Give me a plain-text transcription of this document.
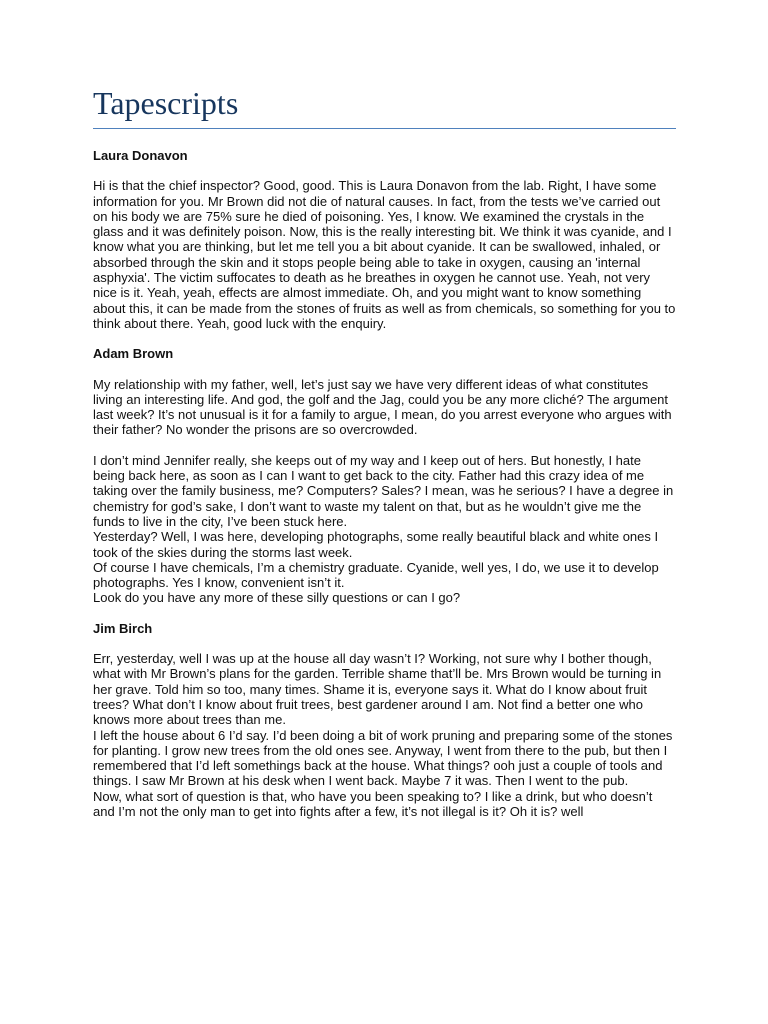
Tapescripts

Laura Donavon

Hi is that the chief inspector? Good, good. This is Laura Donavon from the lab. Right, I have some information for you. Mr Brown did not die of natural causes. In fact, from the tests we’ve carried out on his body we are 75% sure he died of poisoning. Yes, I know. We examined the crystals in the glass and it was definitely poison. Now, this is the really interesting bit. We think it was cyanide, and I know what you are thinking, but let me tell you a bit about cyanide. It can be swallowed, inhaled, or absorbed through the skin and it stops people being able to take in oxygen, causing an 'internal asphyxia'. The victim suffocates to death as he breathes in oxygen he cannot use. Yeah, not very nice is it. Yeah, yeah, effects are almost immediate. Oh, and you might want to know something about this, it can be made from the stones of fruits as well as from chemicals, so something for you to think about there. Yeah, good luck with the enquiry.

Adam Brown

My relationship with my father, well, let’s just say we have very different ideas of what constitutes living an interesting life. And god, the golf and the Jag, could you be any more cliché? The argument last week? It’s not unusual is it for a family to argue, I mean, do you arrest everyone who argues with their father? No wonder the prisons are so overcrowded.

I don’t mind Jennifer really, she keeps out of my way and I keep out of hers. But honestly, I hate being back here, as soon as I can I want to get back to the city. Father had this crazy idea of me taking over the family business, me? Computers? Sales? I mean, was he serious? I have a degree in chemistry for god’s sake, I don’t want to waste my talent on that, but as he wouldn’t give me the funds to live in the city, I’ve been stuck here.

Yesterday? Well, I was here, developing photographs, some really beautiful black and white ones I took of the skies during the storms last week.

Of course I have chemicals, I’m a chemistry graduate. Cyanide, well yes, I do, we use it to develop photographs. Yes I know, convenient isn’t it.

Look do you have any more of these silly questions or can I go?

Jim Birch

Err, yesterday, well I was up at the house all day wasn’t I? Working, not sure why I bother though, what with Mr Brown’s plans for the garden. Terrible shame that’ll be. Mrs Brown would be turning in her grave. Told him so too, many times. Shame it is, everyone says it. What do I know about fruit trees? What don’t I know about fruit trees, best gardener around I am. Not find a better one who knows more about trees than me.

I left the house about 6 I’d say. I’d been doing a bit of work pruning and preparing some of the stones for planting. I grow new trees from the old ones see. Anyway, I went from there to the pub, but then I remembered that I’d left somethings back at the house. What things? ooh just a couple of tools and things. I saw Mr Brown at his desk when I went back. Maybe 7 it was. Then I went to the pub.

Now, what sort of question is that, who have you been speaking to? I like a drink, but who doesn’t and I’m not the only man to get into fights after a few, it’s not illegal is it? Oh it is? well
